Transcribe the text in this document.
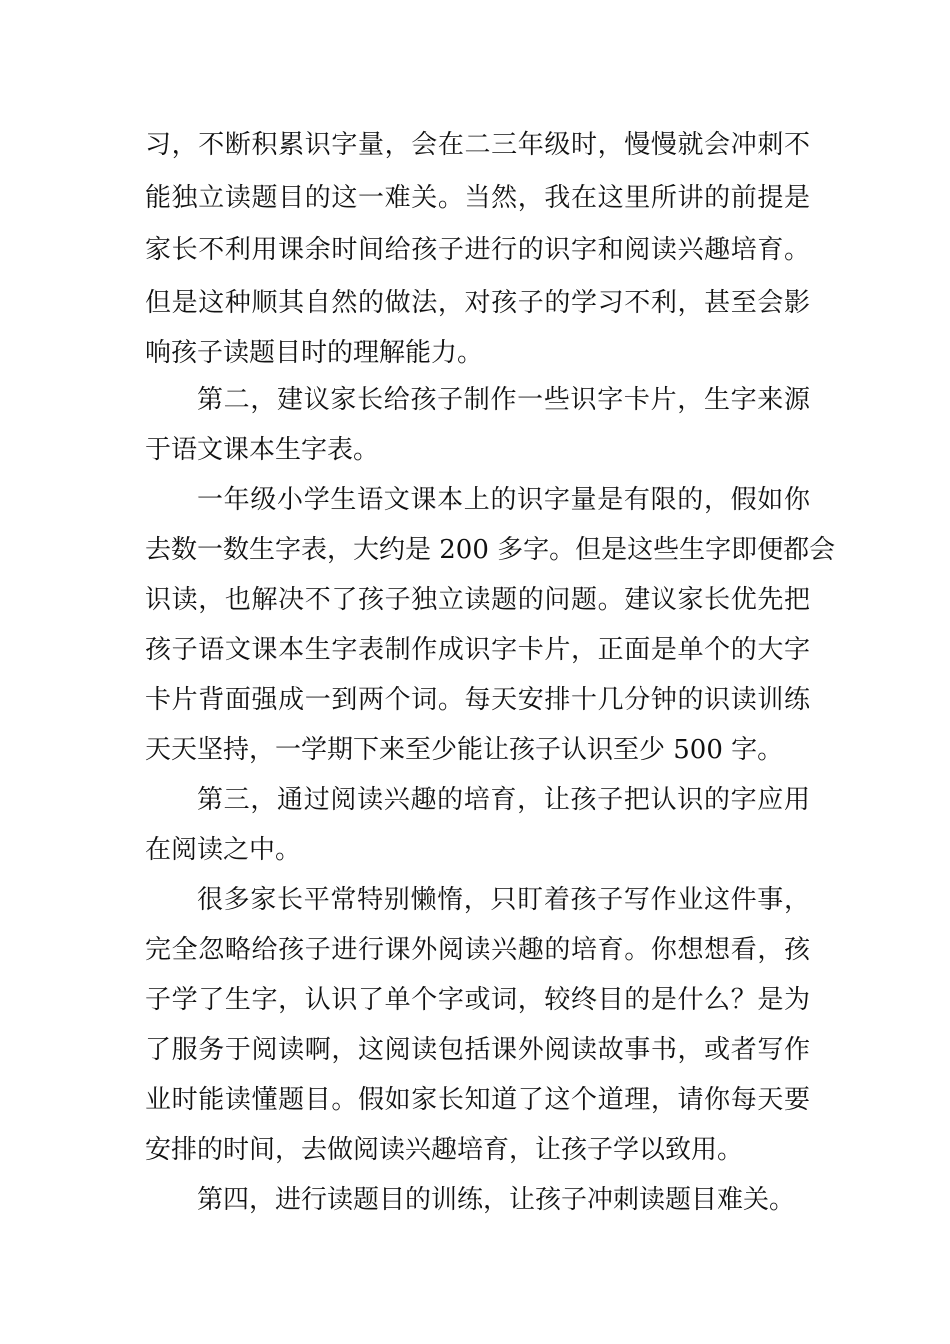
习，不断积累识字量，会在二三年级时，慢慢就会冲刺不
能独立读题目的这一难关。当然，我在这里所讲的前提是
家长不利用课余时间给孩子进行的识字和阅读兴趣培育。
但是这种顺其自然的做法，对孩子的学习不利，甚至会影
响孩子读题目时的理解能力。
第二，建议家长给孩子制作一些识字卡片，生字来源
于语文课本生字表。
一年级小学生语文课本上的识字量是有限的，假如你
去数一数生字表，大约是 200 多字。但是这些生字即便都会
识读，也解决不了孩子独立读题的问题。建议家长优先把
孩子语文课本生字表制作成识字卡片，正面是单个的大字
卡片背面强成一到两个词。每天安排十几分钟的识读训练
天天坚持，一学期下来至少能让孩子认识至少 500 字。
第三，通过阅读兴趣的培育，让孩子把认识的字应用
在阅读之中。
很多家长平常特别懒惰，只盯着孩子写作业这件事，
完全忽略给孩子进行课外阅读兴趣的培育。你想想看，孩
子学了生字，认识了单个字或词，较终目的是什么？是为
了服务于阅读啊，这阅读包括课外阅读故事书，或者写作
业时能读懂题目。假如家长知道了这个道理，请你每天要
安排的时间，去做阅读兴趣培育，让孩子学以致用。
第四，进行读题目的训练，让孩子冲刺读题目难关。
